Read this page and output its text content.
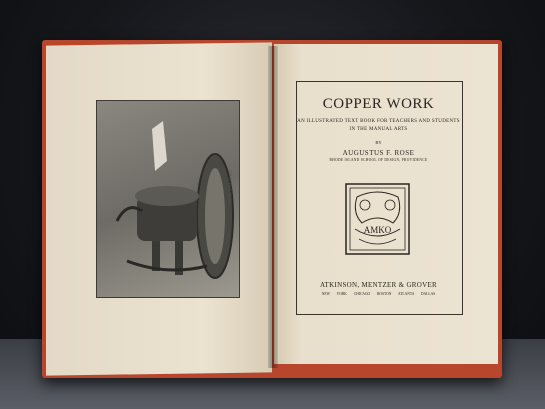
CHAFING DISH
COPPER WORK
AN ILLUSTRATED TEXT BOOK FOR TEACHERS AND STUDENTS IN THE MANUAL ARTS
BY
AUGUSTUS F. ROSE
RHODE ISLAND SCHOOL OF DESIGN, PROVIDENCE
AMKO
ATKINSON, MENTZER & GROVER
NEW YORK CHICAGO BOSTON ATLANTA DALLAS
